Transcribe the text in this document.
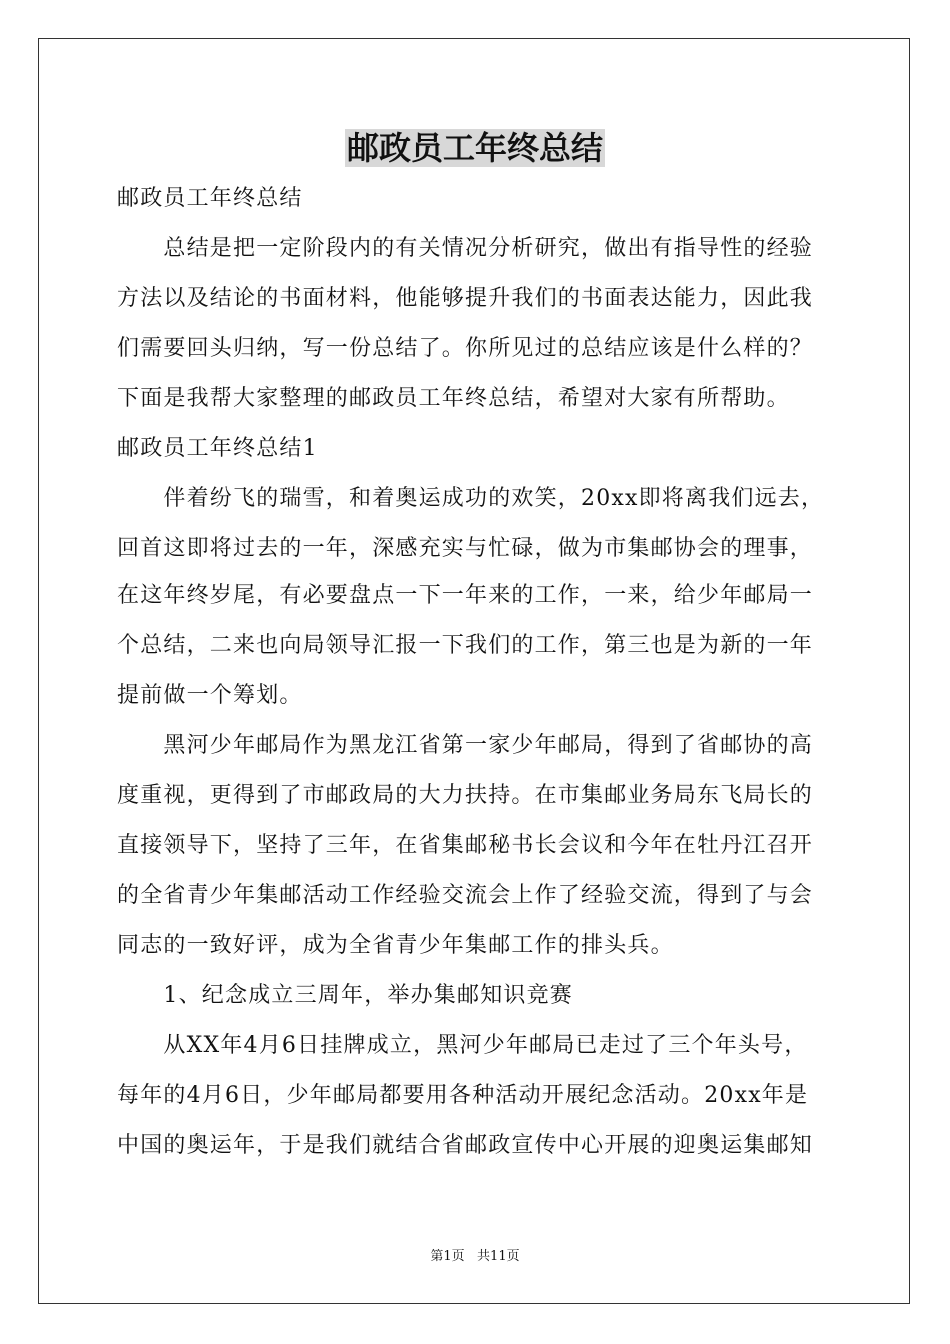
邮政员工年终总结

邮政员工年终总结

　　总结是把一定阶段内的有关情况分析研究，做出有指导性的经验

方法以及结论的书面材料，他能够提升我们的书面表达能力，因此我

们需要回头归纳，写一份总结了。你所见过的总结应该是什么样的？

下面是我帮大家整理的邮政员工年终总结，希望对大家有所帮助。

邮政员工年终总结1

　　伴着纷飞的瑞雪，和着奥运成功的欢笑，20xx即将离我们远去，

回首这即将过去的一年，深感充实与忙碌，做为市集邮协会的理事，

在这年终岁尾，有必要盘点一下一年来的工作，一来，给少年邮局一

个总结，二来也向局领导汇报一下我们的工作，第三也是为新的一年

提前做一个筹划。

　　黑河少年邮局作为黑龙江省第一家少年邮局，得到了省邮协的高

度重视，更得到了市邮政局的大力扶持。在市集邮业务局东飞局长的

直接领导下，坚持了三年，在省集邮秘书长会议和今年在牡丹江召开

的全省青少年集邮活动工作经验交流会上作了经验交流，得到了与会

同志的一致好评，成为全省青少年集邮工作的排头兵。

　　1、纪念成立三周年，举办集邮知识竞赛

　　从XX年4月6日挂牌成立，黑河少年邮局已走过了三个年头号，

每年的4月6日，少年邮局都要用各种活动开展纪念活动。20xx年是

中国的奥运年，于是我们就结合省邮政宣传中心开展的迎奥运集邮知

第1页   共11页
